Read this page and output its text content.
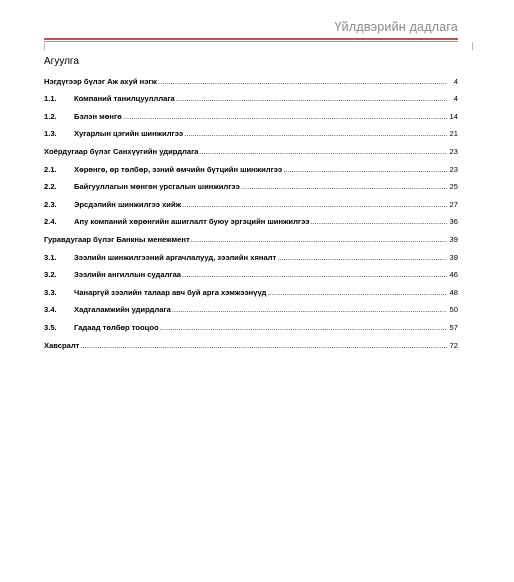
Үйлдвэрийн дадлага
Агуулга
Нэгдүгээр бүлэг Аж ахуй нэгж .....	4
1.1.	Компаний танилцуулллага .....	4
1.2.	Бэлэн мөнгө .....	14
1.3.	Хугарлын цэгийн шинжилгээ .....	21
Хоёрдугаар бүлэг Санхүүгийн удирдлага .....	23
2.1.	Хөрөнгө, өр төлбөр, эзний өмчийн бүтцийн шинжилгээ .....	23
2.2.	Байгууллагын мөнгөн урсгалын шинжилгээ .....	25
2.3.	Эрсдэлийн шинжилгээ хийж .....	27
2.4.	Апу компаний хөрөнгийн ашиглалт буюу эргэцийн шинжилгээ .....	36
Гуравдугаар бүлэг Банкны менежмент .....	39
3.1.	Зээлийн шинжилгээний аргачлалууд, зээлийн хяналт .....	39
3.2.	Зээлийн ангиллын судалгаа .....	46
3.3.	Чанаргүй зээлийн талаар авч буй арга хэмжээнүүд .....	48
3.4.	Хадгаламжийн удирдлага .....	50
3.5.	Гадаад төлбөр тооцоо .....	57
Хавсралт .....	72
